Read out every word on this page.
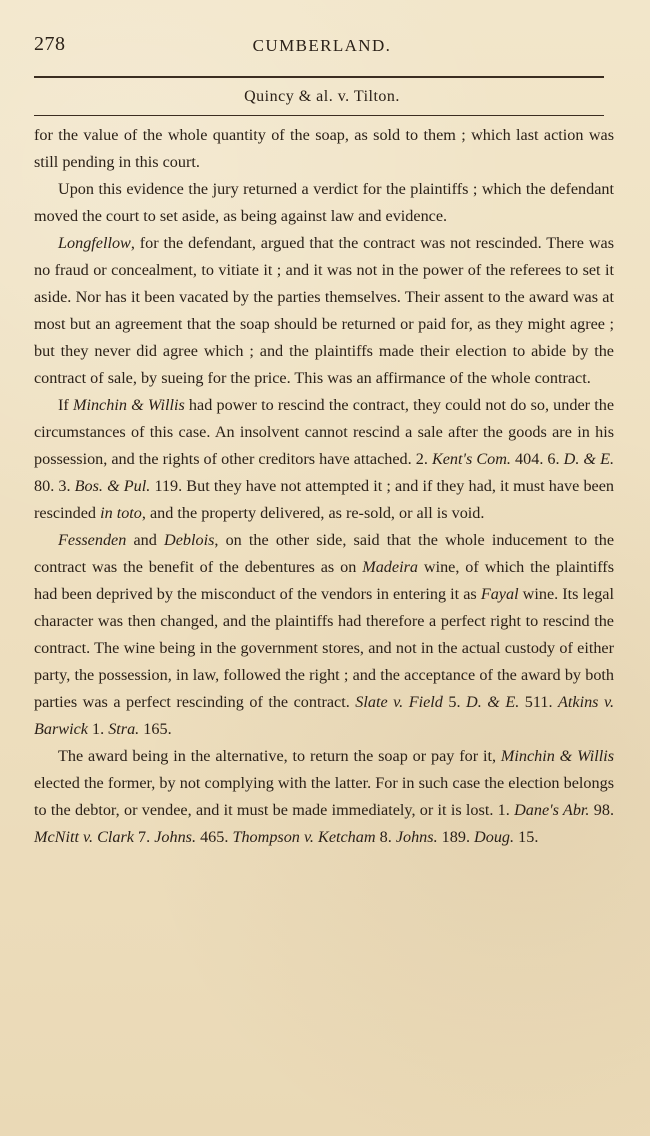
278	CUMBERLAND.
Quincy & al. v. Tilton.

for the value of the whole quantity of the soap, as sold to them ; which last action was still pending in this court.

Upon this evidence the jury returned a verdict for the plaintiffs ; which the defendant moved the court to set aside, as being against law and evidence.

Longfellow, for the defendant, argued that the contract was not rescinded. There was no fraud or concealment, to vitiate it ; and it was not in the power of the referees to set it aside. Nor has it been vacated by the parties themselves. Their assent to the award was at most but an agreement that the soap should be returned or paid for, as they might agree ; but they never did agree which ; and the plaintiffs made their election to abide by the contract of sale, by sueing for the price. This was an affirmance of the whole contract.

If Minchin & Willis had power to rescind the contract, they could not do so, under the circumstances of this case. An insolvent cannot rescind a sale after the goods are in his possession, and the rights of other creditors have attached. 2. Kent's Com. 404. 6. D. & E. 80. 3. Bos. & Pul. 119. But they have not attempted it ; and if they had, it must have been rescinded in toto, and the property delivered, as re-sold, or all is void.

Fessenden and Deblois, on the other side, said that the whole inducement to the contract was the benefit of the debentures as on Madeira wine, of which the plaintiffs had been deprived by the misconduct of the vendors in entering it as Fayal wine. Its legal character was then changed, and the plaintiffs had therefore a perfect right to rescind the contract. The wine being in the government stores, and not in the actual custody of either party, the possession, in law, followed the right ; and the acceptance of the award by both parties was a perfect rescinding of the contract. Slate v. Field 5. D. & E. 511. Atkins v. Barwick 1. Stra. 165.

The award being in the alternative, to return the soap or pay for it, Minchin & Willis elected the former, by not complying with the latter. For in such case the election belongs to the debtor, or vendee, and it must be made immediately, or it is lost. 1. Dane's Abr. 98. McNitt v. Clark 7. Johns. 465. Thompson v. Ketcham 8. Johns. 189. Doug. 15.
